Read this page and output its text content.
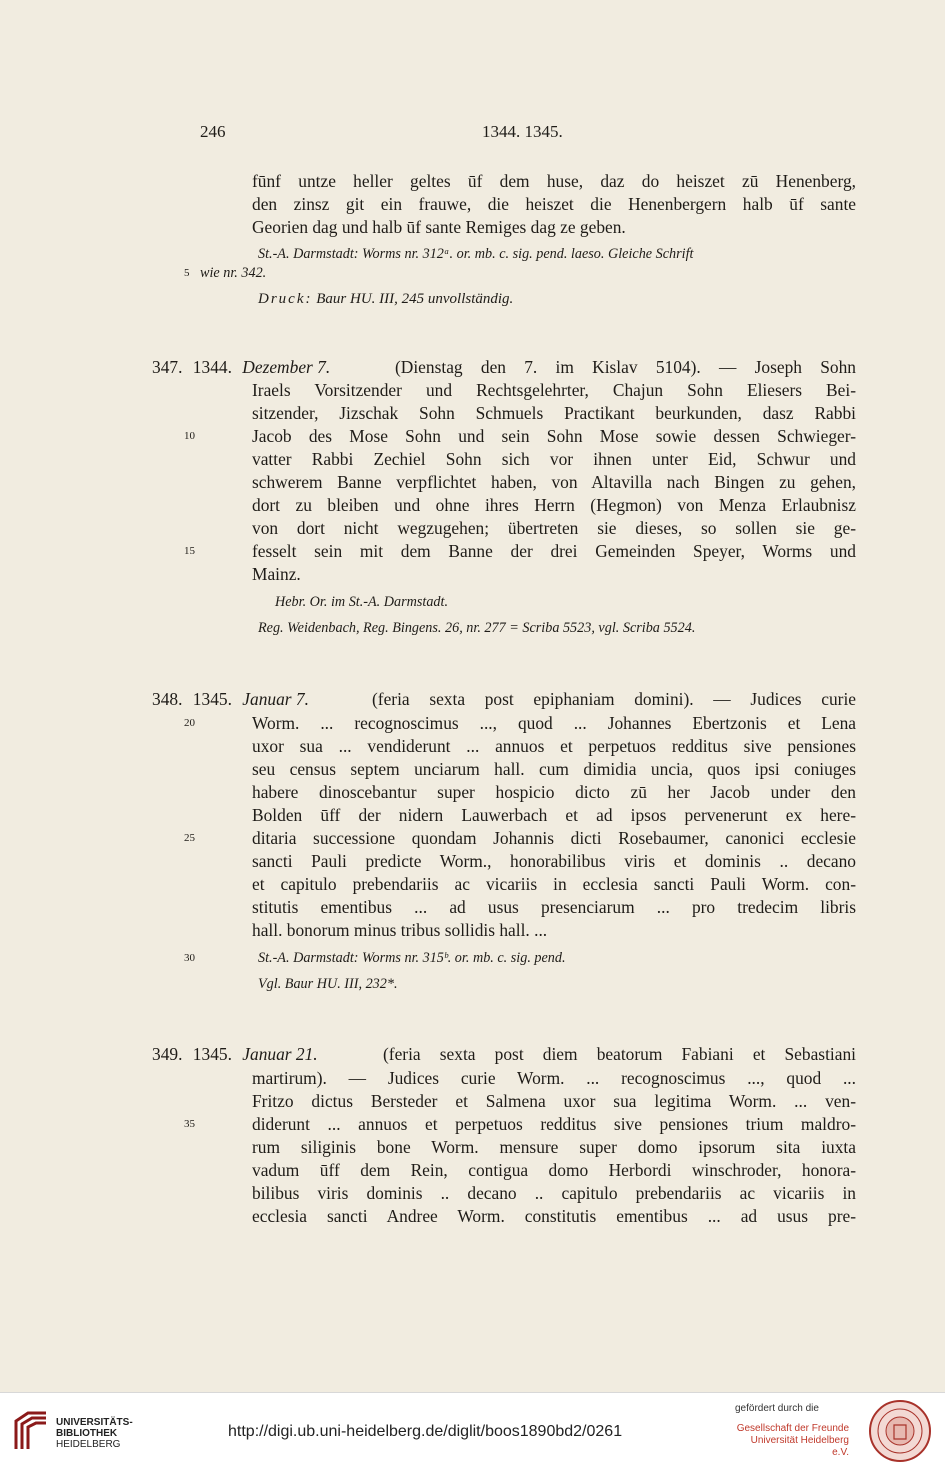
246	1344. 1345.
fūnf untze heller geltes ūf dem huse, daz do heiszet zū Henenberg,
den zinsz git ein frauwe, die heiszet die Henenbergern halb ūf sante
Georien dag und halb ūf sante Remiges dag ze geben.
St.-A. Darmstadt: Worms nr. 312ᵃ. or. mb. c. sig. pend. laeso. Gleiche Schrift
5 wie nr. 342.
Druck: Baur HU. III, 245 unvollständig.
347. 1344. Dezember 7.	(Dienstag den 7. im Kislav 5104). — Joseph Sohn
Iraels Vorsitzender und Rechtsgelehrter, Chajun Sohn Eliesers Bei-
sitzender, Jizschak Sohn Schmuels Practikant beurkunden, dasz Rabbi
10	Jacob des Mose Sohn und sein Sohn Mose sowie dessen Schwieger-
vatter Rabbi Zechiel Sohn sich vor ihnen unter Eid, Schwur und
schwerem Banne verpflichtet haben, von Altavilla nach Bingen zu gehen,
dort zu bleiben und ohne ihres Herrn (Hegmon) von Menza Erlaubnisz
von dort nicht wegzugehen; übertreten sie dieses, so sollen sie ge-
15	fesselt sein mit dem Banne der drei Gemeinden Speyer, Worms und
Mainz.
Hebr. Or. im St.-A. Darmstadt.
Reg. Weidenbach, Reg. Bingens. 26, nr. 277 = Scriba 5523, vgl. Scriba 5524.
348. 1345. Januar 7.	(feria sexta post epiphaniam domini). — Judices curie
20	Worm. ... recognoscimus ..., quod ... Johannes Ebertzonis et Lena
uxor sua ... vendiderunt ... annuos et perpetuos redditus sive pensiones
seu census septem unciarum hall. cum dimidia uncia, quos ipsi coniuges
habere dinoscebantur super hospicio dicto zū her Jacob under den
Bolden ūff der nidern Lauwerbach et ad ipsos pervenerunt ex here-
25	ditaria successione quondam Johannis dicti Rosebaumer, canonici ecclesie
sancti Pauli predicte Worm., honorabilibus viris et dominis .. decano
et capitulo prebendariis ac vicariis in ecclesia sancti Pauli Worm. con-
stitutis ementibus ... ad usus presenciarum ... pro tredecim libris
hall. bonorum minus tribus sollidis hall. ...
30	St.-A. Darmstadt: Worms nr. 315ᵇ. or. mb. c. sig. pend.
Vgl. Baur HU. III, 232*.
349. 1345. Januar 21.	(feria sexta post diem beatorum Fabiani et Sebastiani
martirum). — Judices curie Worm. ... recognoscimus ..., quod ...
Fritzo dictus Bersteder et Salmena uxor sua legitima Worm. ... ven-
35	diderunt ... annuos et perpetuos redditus sive pensiones trium maldro-
rum siliginis bone Worm. mensure super domo ipsorum sita iuxta
vadum ūff dem Rein, contigua domo Herbordi winschroder, honora-
bilibus viris dominis .. decano .. capitulo prebendariis ac vicariis in
ecclesia sancti Andree Worm. constitutis ementibus ... ad usus pre-
UNIVERSITÄTS-
BIBLIOTHEK
HEIDELBERG
http://digi.ub.uni-heidelberg.de/diglit/boos1890bd2/0261
gefördert durch die
Gesellschaft der Freunde
Universität Heidelberg e.V.
